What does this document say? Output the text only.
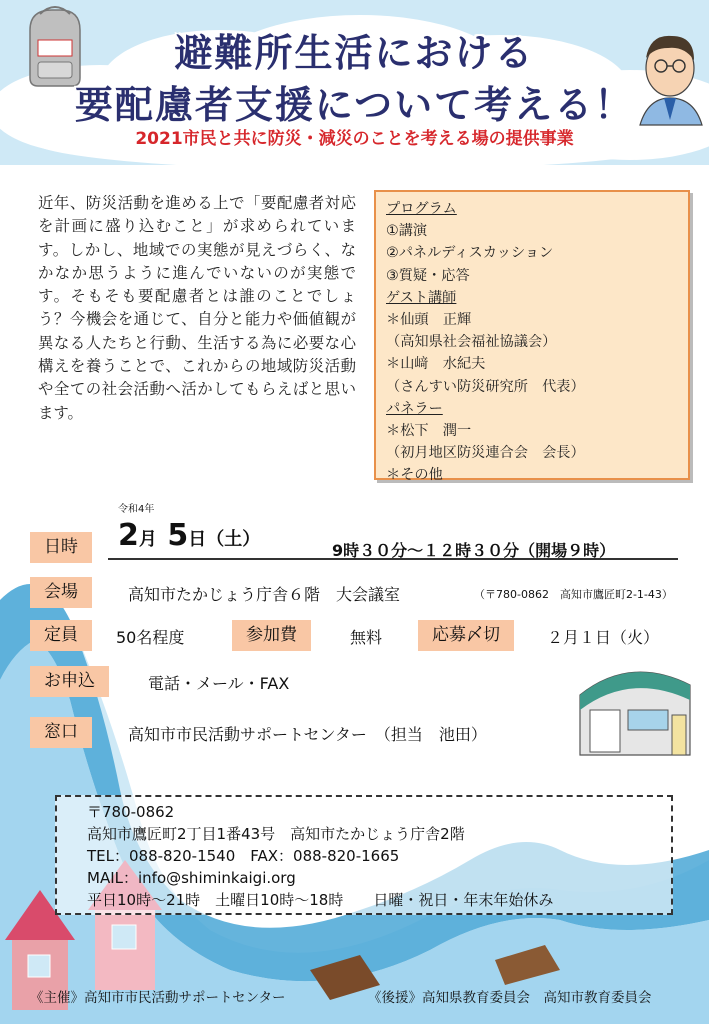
避難所生活における
要配慮者支援について考える！
2021市民と共に防災・減災のことを考える場の提供事業
近年、防災活動を進める上で「要配慮者対応を計画に盛り込むこと」が求められています。しかし、地域での実態が見えづらく、なかなか思うように進んでいないのが実態です。そもそも要配慮者とは誰のことでしょう？今機会を通じて、自分と能力や価値観が異なる人たちと行動、生活する為に必要な心構えを養うことで、これからの地域防災活動や全ての社会活動へ活かしてもらえばと思います。
プログラム
①講演
②パネルディスカッション
③質疑・応答
ゲスト講師
＊仙頭　正輝
（高知県社会福祉協議会）
＊山﨑　水紀夫
（さんすい防災研究所　代表）
パネラー
＊松下　潤一
（初月地区防災連合会　会長）
＊その他
日時
令和4年
2月 5日（土）
9時３０分～１２時３０分（開場９時）
会場	高知市たかじょう庁舎６階　大会議室	（〒780-0862　高知市鷹匠町2-1-43）
定員	50名程度	参加費	無料	応募〆切	２月１日（火）
お申込	電話・メール・FAX
窓口	高知市市民活動サポートセンター　（担当　池田）
〒780-0862
高知市鷹匠町2丁目1番43号　高知市たかじょう庁舎2階
TEL：088-820-1540　FAX：088-820-1665
MAIL：info@shiminkaigi.org
平日10時～21時　土曜日10時～18時　　日曜・祝日・年末年始休み
《主催》高知市市民活動サポートセンター	《後援》高知県教育委員会　高知市教育委員会
